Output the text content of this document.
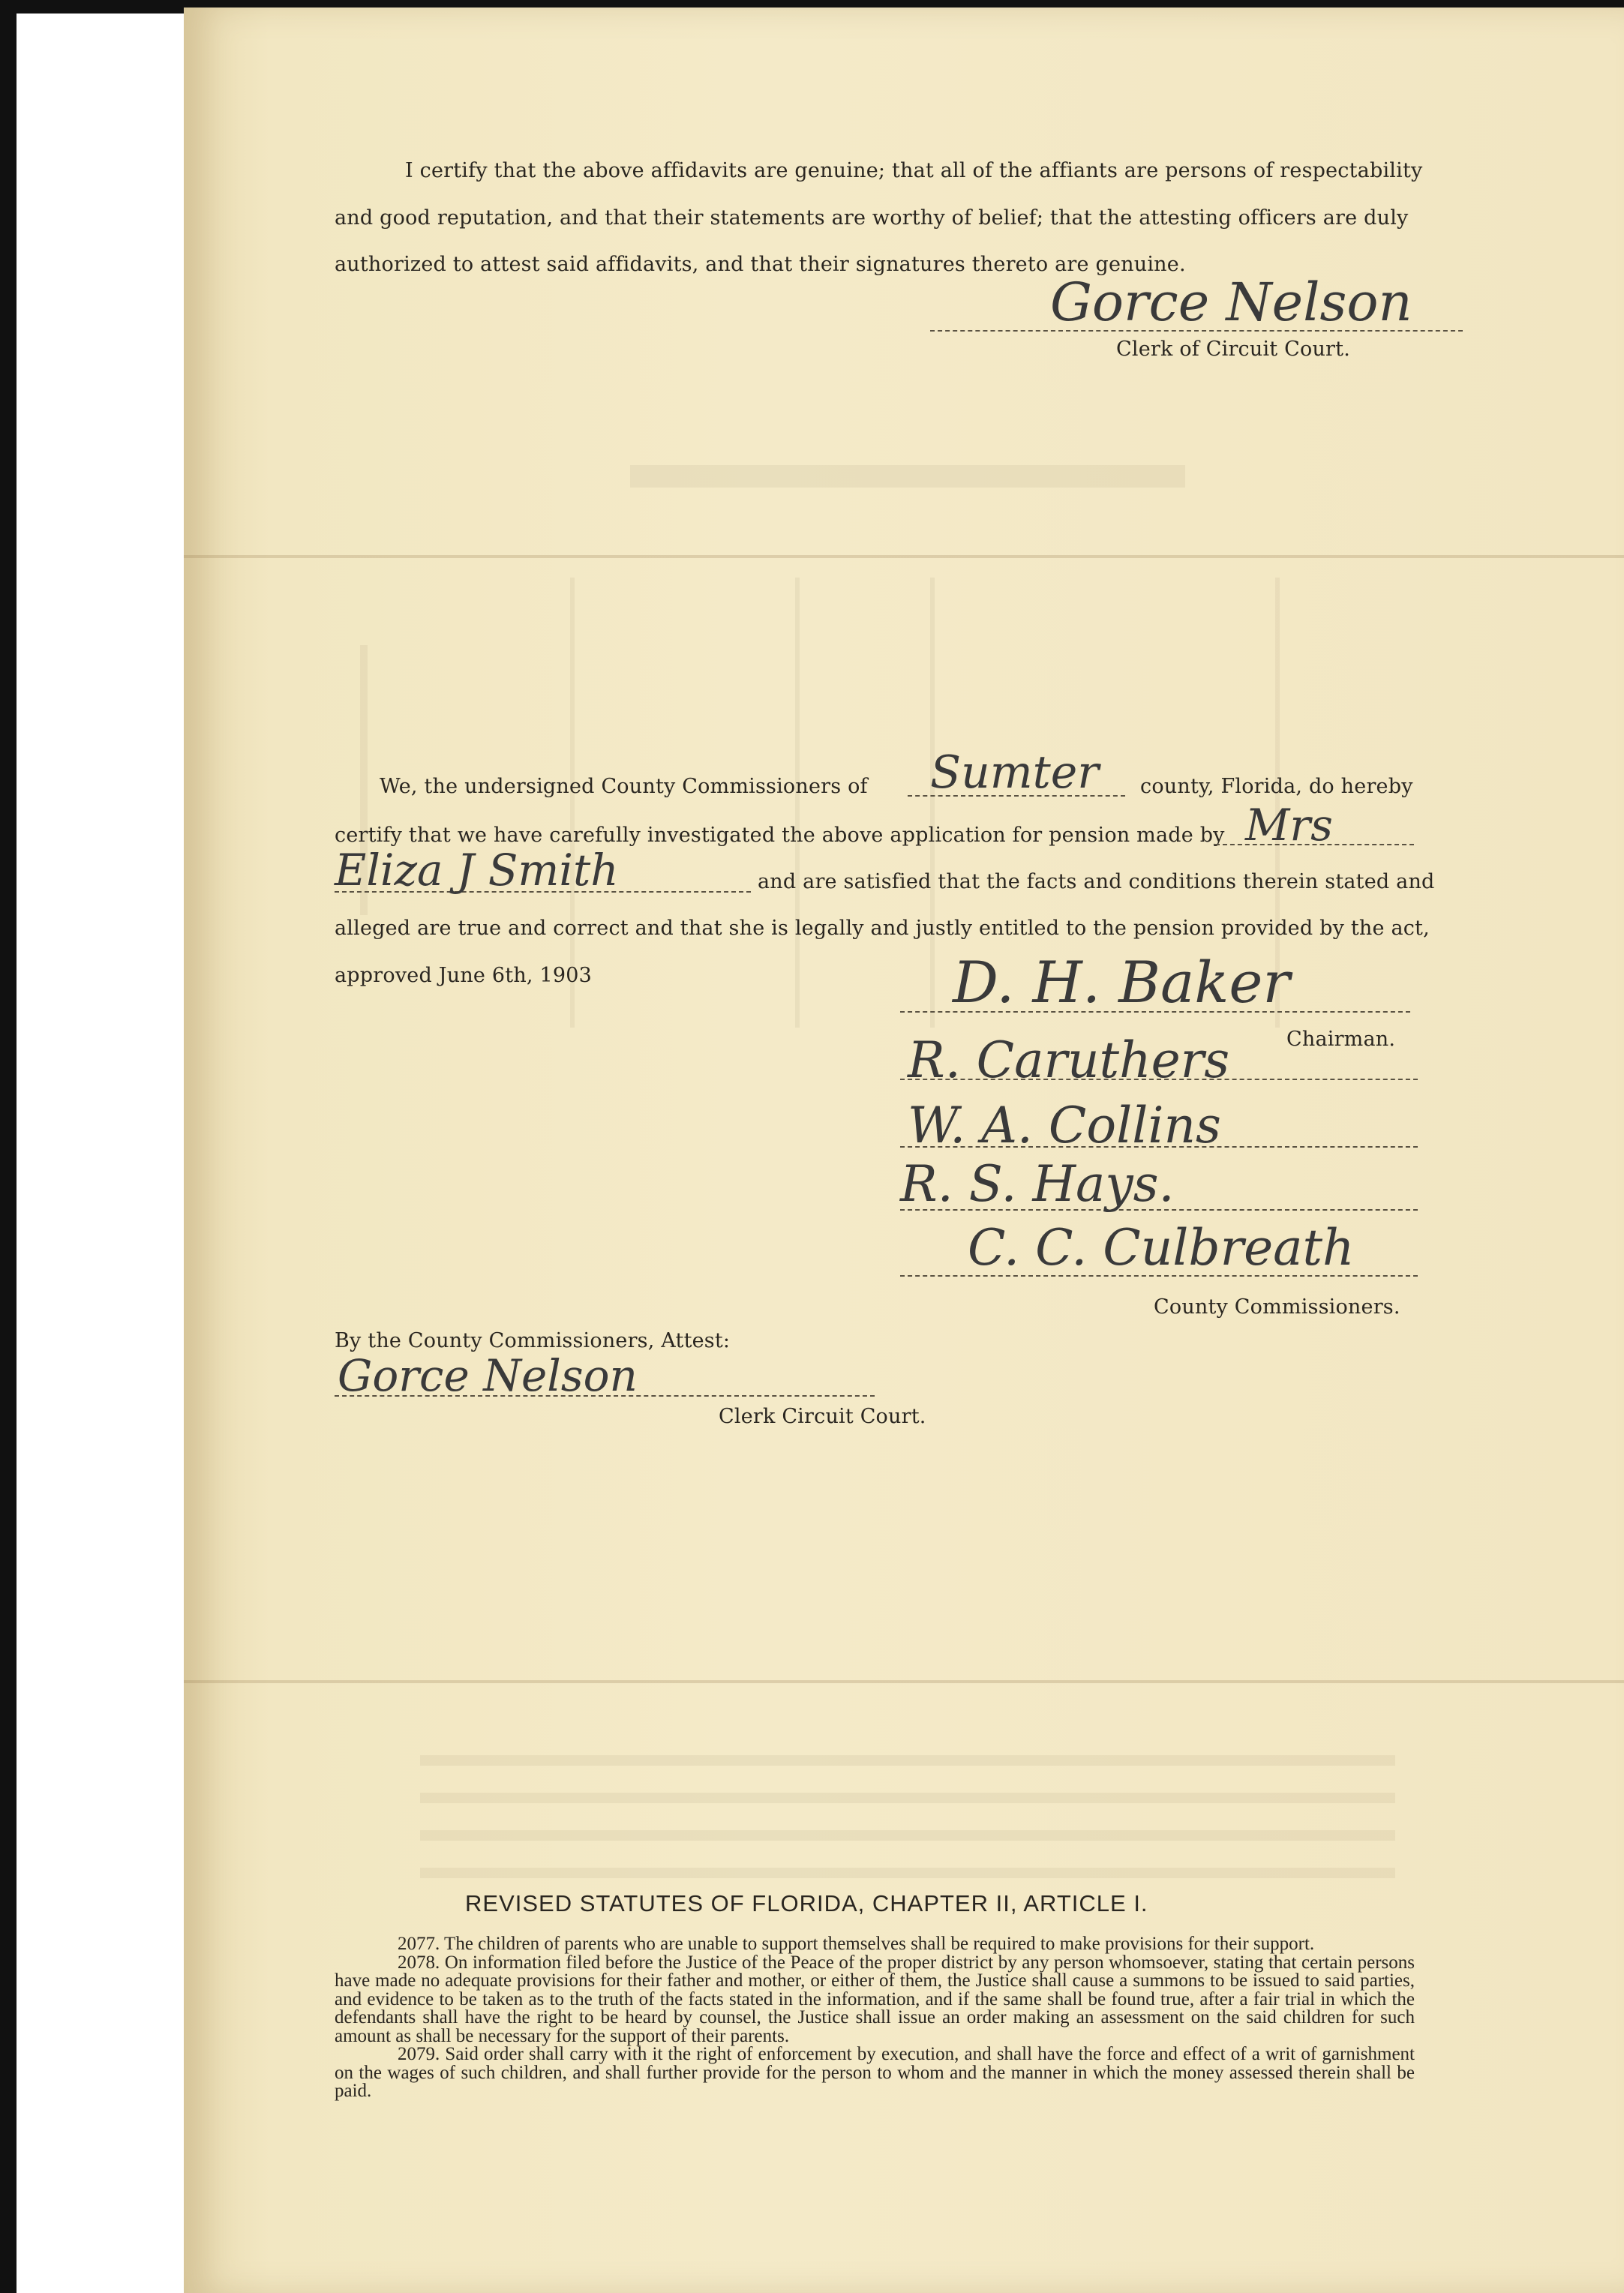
I certify that the above affidavits are genuine; that all of the affiants are persons of respectability
and good reputation, and that their statements are worthy of belief; that the attesting officers are duly
authorized to attest said affidavits, and that their signatures thereto are genuine.
Gorce Nelson
Clerk of Circuit Court.
We, the undersigned County Commissioners of Sumter county, Florida, do hereby
certify that we have carefully investigated the above application for pension made by Mrs
Eliza J Smith	and are satisfied that the facts and conditions therein stated and
alleged are true and correct and that she is legally and justly entitled to the pension provided by the act,
approved June 6th, 1903	D. H. Baker
Chairman.
R. Caruthers
W. A. Collins
R. S. Hays.
C. C. Culbreath
County Commissioners.
By the County Commissioners, Attest:
Gorce Nelson
Clerk Circuit Court.
REVISED STATUTES OF FLORIDA, CHAPTER II, ARTICLE I.

2077. The children of parents who are unable to support themselves shall be required to make provisions for their support.

2078. On information filed before the Justice of the Peace of the proper district by any person whomsoever, stating that certain persons have made no adequate provisions for their father and mother, or either of them, the Justice shall cause a summons to be issued to said parties, and evidence to be taken as to the truth of the facts stated in the information, and if the same shall be found true, after a fair trial in which the defendants shall have the right to be heard by counsel, the Justice shall issue an order making an assessment on the said children for such amount as shall be necessary for the support of their parents.

2079. Said order shall carry with it the right of enforcement by execution, and shall have the force and effect of a writ of garnishment on the wages of such children, and shall further provide for the person to whom and the manner in which the money assessed therein shall be paid.
